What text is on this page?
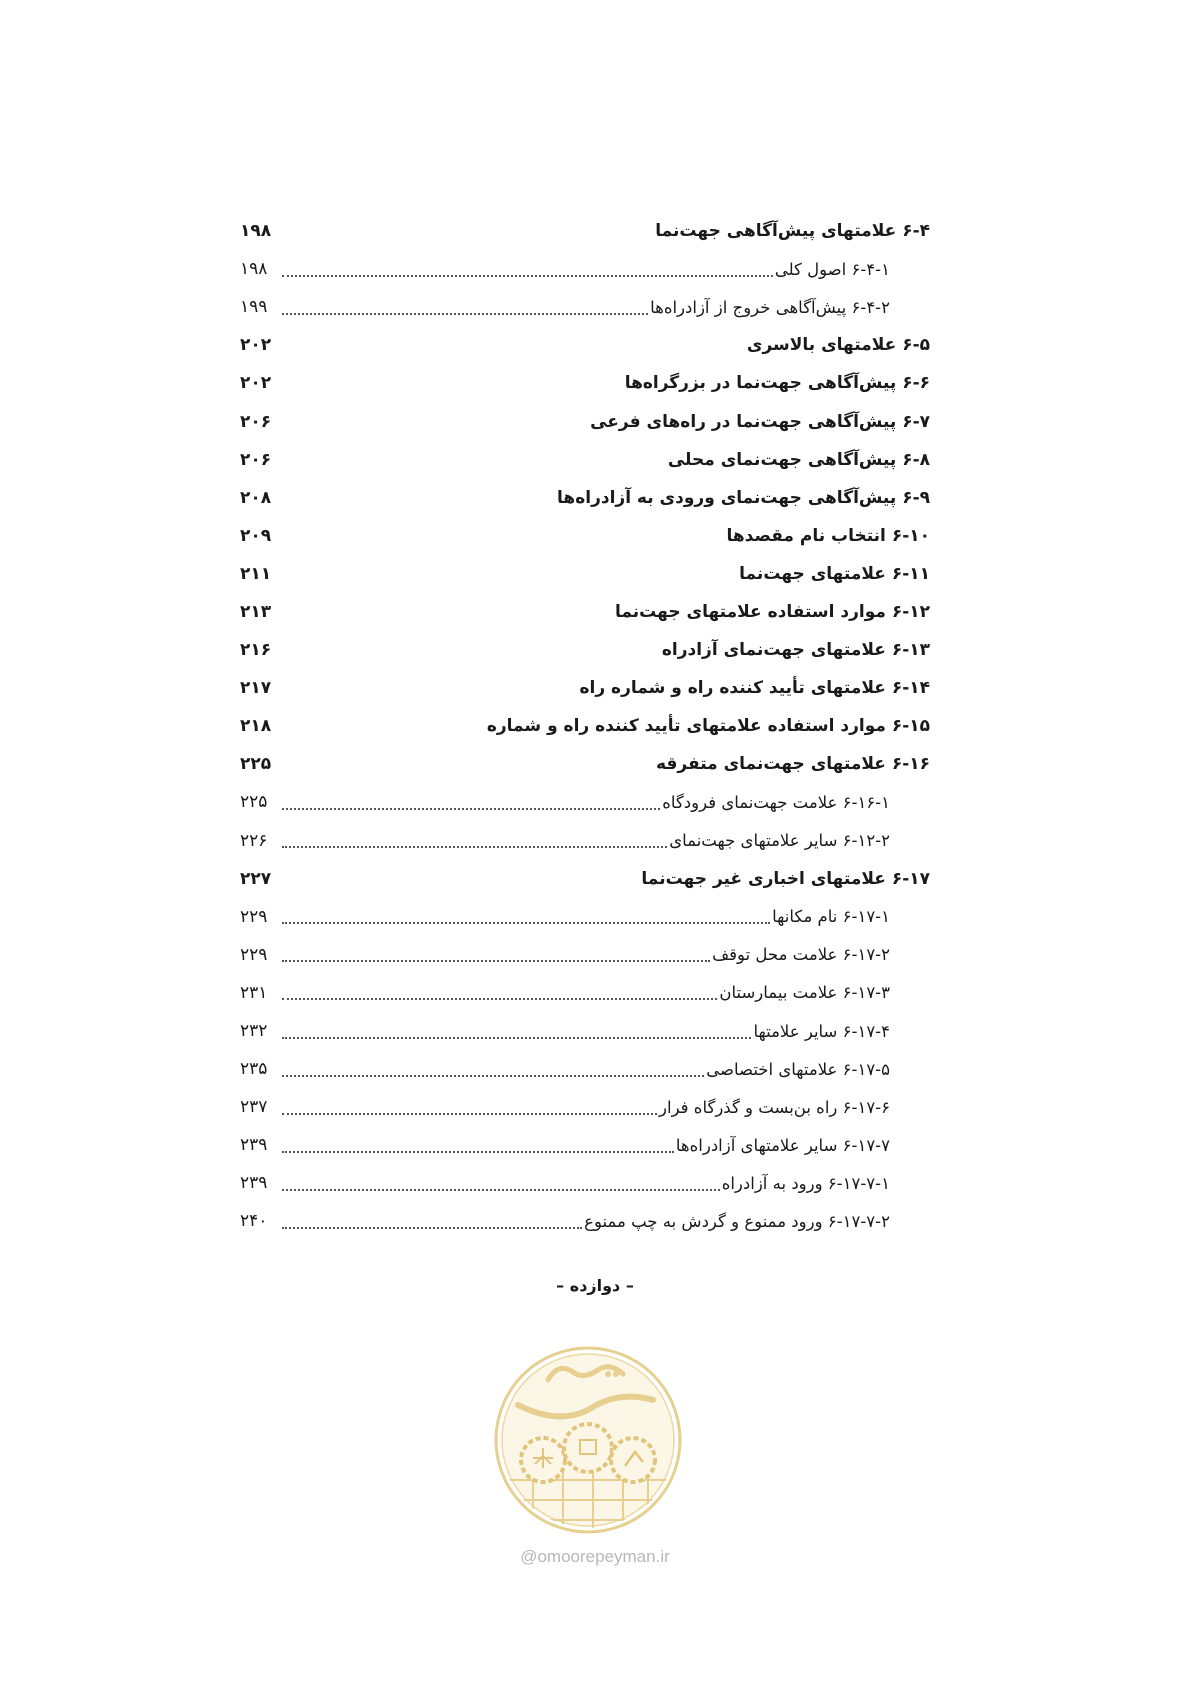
۶-۴ علامتهای پیش‌آگاهی جهت‌نما
۱۹۸
۶-۴-۱ اصول کلی
۱۹۸
۶-۴-۲ پیش‌آگاهی خروج از آزادراه‌ها
۱۹۹
۶-۵ علامتهای بالاسری
۲۰۲
۶-۶ پیش‌آگاهی جهت‌نما در بزرگراه‌ها
۲۰۲
۶-۷ پیش‌آگاهی جهت‌نما در راه‌های فرعی
۲۰۶
۶-۸ پیش‌آگاهی جهت‌نمای محلی
۲۰۶
۶-۹ پیش‌آگاهی جهت‌نمای ورودی به آزادراه‌ها
۲۰۸
۶-۱۰ انتخاب نام مقصدها
۲۰۹
۶-۱۱ علامتهای جهت‌نما
۲۱۱
۶-۱۲ موارد استفاده علامتهای جهت‌نما
۲۱۳
۶-۱۳ علامتهای جهت‌نمای آزادراه
۲۱۶
۶-۱۴ علامتهای تأیید کننده راه و شماره راه
۲۱۷
۶-۱۵ موارد استفاده علامتهای تأیید کننده راه و شماره
۲۱۸
۶-۱۶ علامتهای جهت‌نمای متفرقه
۲۲۵
۶-۱۶-۱ علامت جهت‌نمای فرودگاه
۲۲۵
۶-۱۲-۲ سایر علامتهای جهت‌نمای
۲۲۶
۶-۱۷ علامتهای اخباری غیر جهت‌نما
۲۲۷
۶-۱۷-۱ نام مکانها
۲۲۹
۶-۱۷-۲ علامت محل توقف
۲۲۹
۶-۱۷-۳ علامت بیمارستان
۲۳۱
۶-۱۷-۴ سایر علامتها
۲۳۲
۶-۱۷-۵ علامتهای اختصاصی
۲۳۵
۶-۱۷-۶ راه بن‌بست و گذرگاه فرار
۲۳۷
۶-۱۷-۷ سایر علامتهای آزادراه‌ها
۲۳۹
۶-۱۷-۷-۱ ورود به آزادراه
۲۳۹
۶-۱۷-۷-۲ ورود ممنوع و گردش به چپ ممنوع
۲۴۰
– دوازده –
@omoorepeyman.ir
